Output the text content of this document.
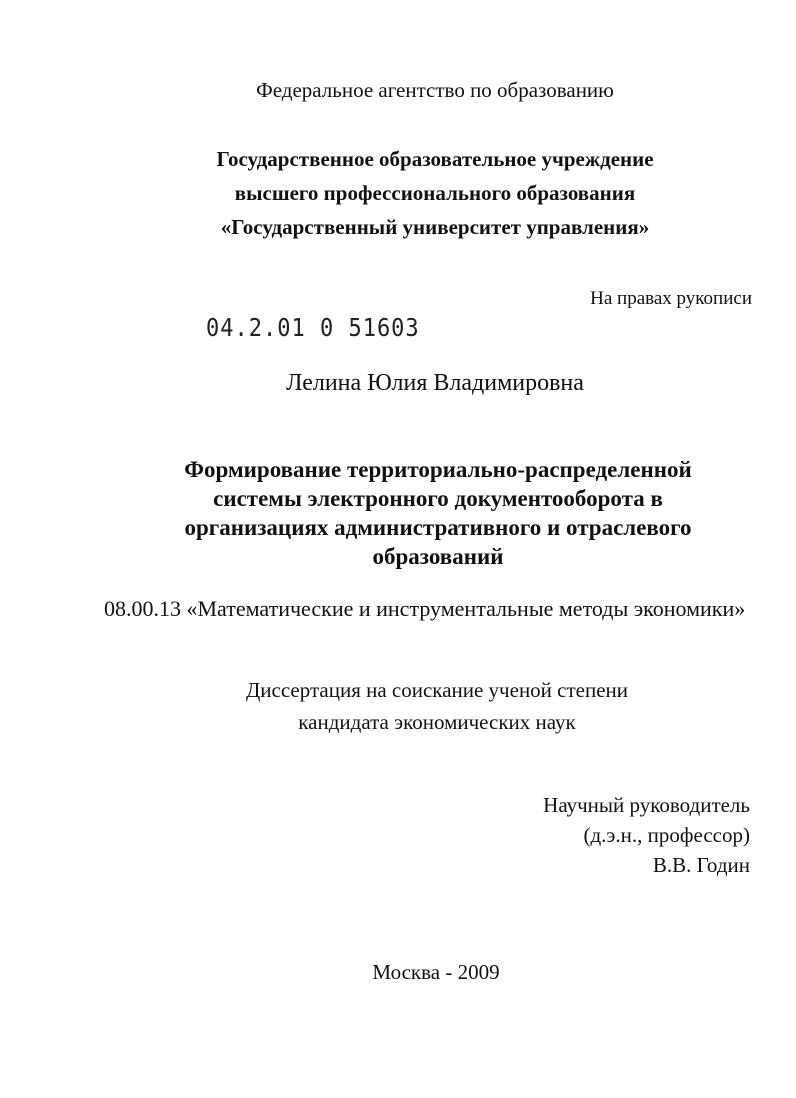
Федеральное агентство по образованию
Государственное образовательное учреждение
высшего профессионального образования
«Государственный университет управления»
На правах рукописи
04.2.01 0 51603
Лелина Юлия Владимировна
Формирование территориально-распределенной
системы электронного документооборота в
организациях административного и отраслевого
образований
08.00.13 «Математические и инструментальные методы экономики»
Диссертация на соискание ученой степени
кандидата экономических наук
Научный руководитель
(д.э.н., профессор)
В.В. Годин
Москва - 2009
